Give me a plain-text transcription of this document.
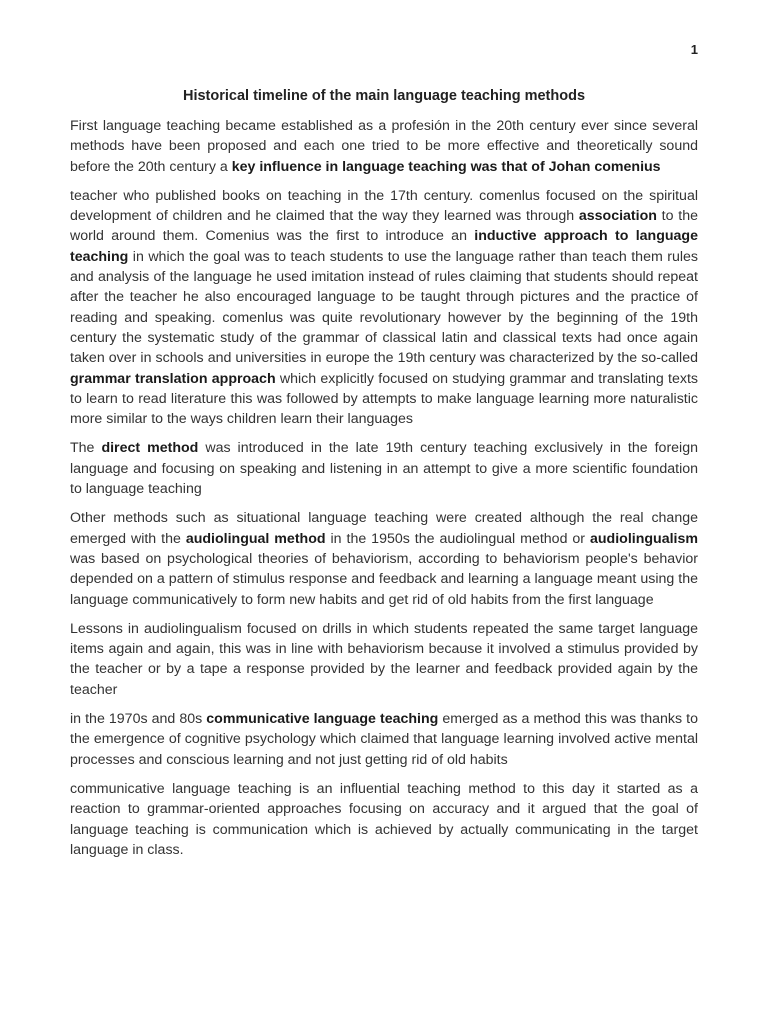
1
Historical timeline of the main language teaching methods

First language teaching became established as a profesión in the 20th century ever since several methods have been proposed and each one tried to be more effective and theoretically sound before the 20th century a key influence in language teaching was that of Johan comenius

teacher who published books on teaching in the 17th century. comenlus focused on the spiritual development of children and he claimed that the way they learned was through association to the world around them. Comenius was the first to introduce an inductive approach to language teaching in which the goal was to teach students to use the language rather than teach them rules and analysis of the language he used imitation instead of rules claiming that students should repeat after the teacher he also encouraged language to be taught through pictures and the practice of reading and speaking. comenlus was quite revolutionary however by the beginning of the 19th century the systematic study of the grammar of classical latin and classical texts had once again taken over in schools and universities in europe the 19th century was characterized by the so-called grammar translation approach which explicitly focused on studying grammar and translating texts to learn to read literature this was followed by attempts to make language learning more naturalistic more similar to the ways children learn their languages

The direct method was introduced in the late 19th century teaching exclusively in the foreign language and focusing on speaking and listening in an attempt to give a more scientific foundation to language teaching

Other methods such as situational language teaching were created although the real change emerged with the audiolingual method in the 1950s the audiolingual method or audiolingualism was based on psychological theories of behaviorism, according to behaviorism people's behavior depended on a pattern of stimulus response and feedback and learning a language meant using the language communicatively to form new habits and get rid of old habits from the first language

Lessons in audiolingualism focused on drills in which students repeated the same target language items again and again, this was in line with behaviorism because it involved a stimulus provided by the teacher or by a tape a response provided by the learner and feedback provided again by the teacher

in the 1970s and 80s communicative language teaching emerged as a method this was thanks to the emergence of cognitive psychology which claimed that language learning involved active mental processes and conscious learning and not just getting rid of old habits

communicative language teaching is an influential teaching method to this day it started as a reaction to grammar-oriented approaches focusing on accuracy and it argued that the goal of language teaching is communication which is achieved by actually communicating in the target language in class.
